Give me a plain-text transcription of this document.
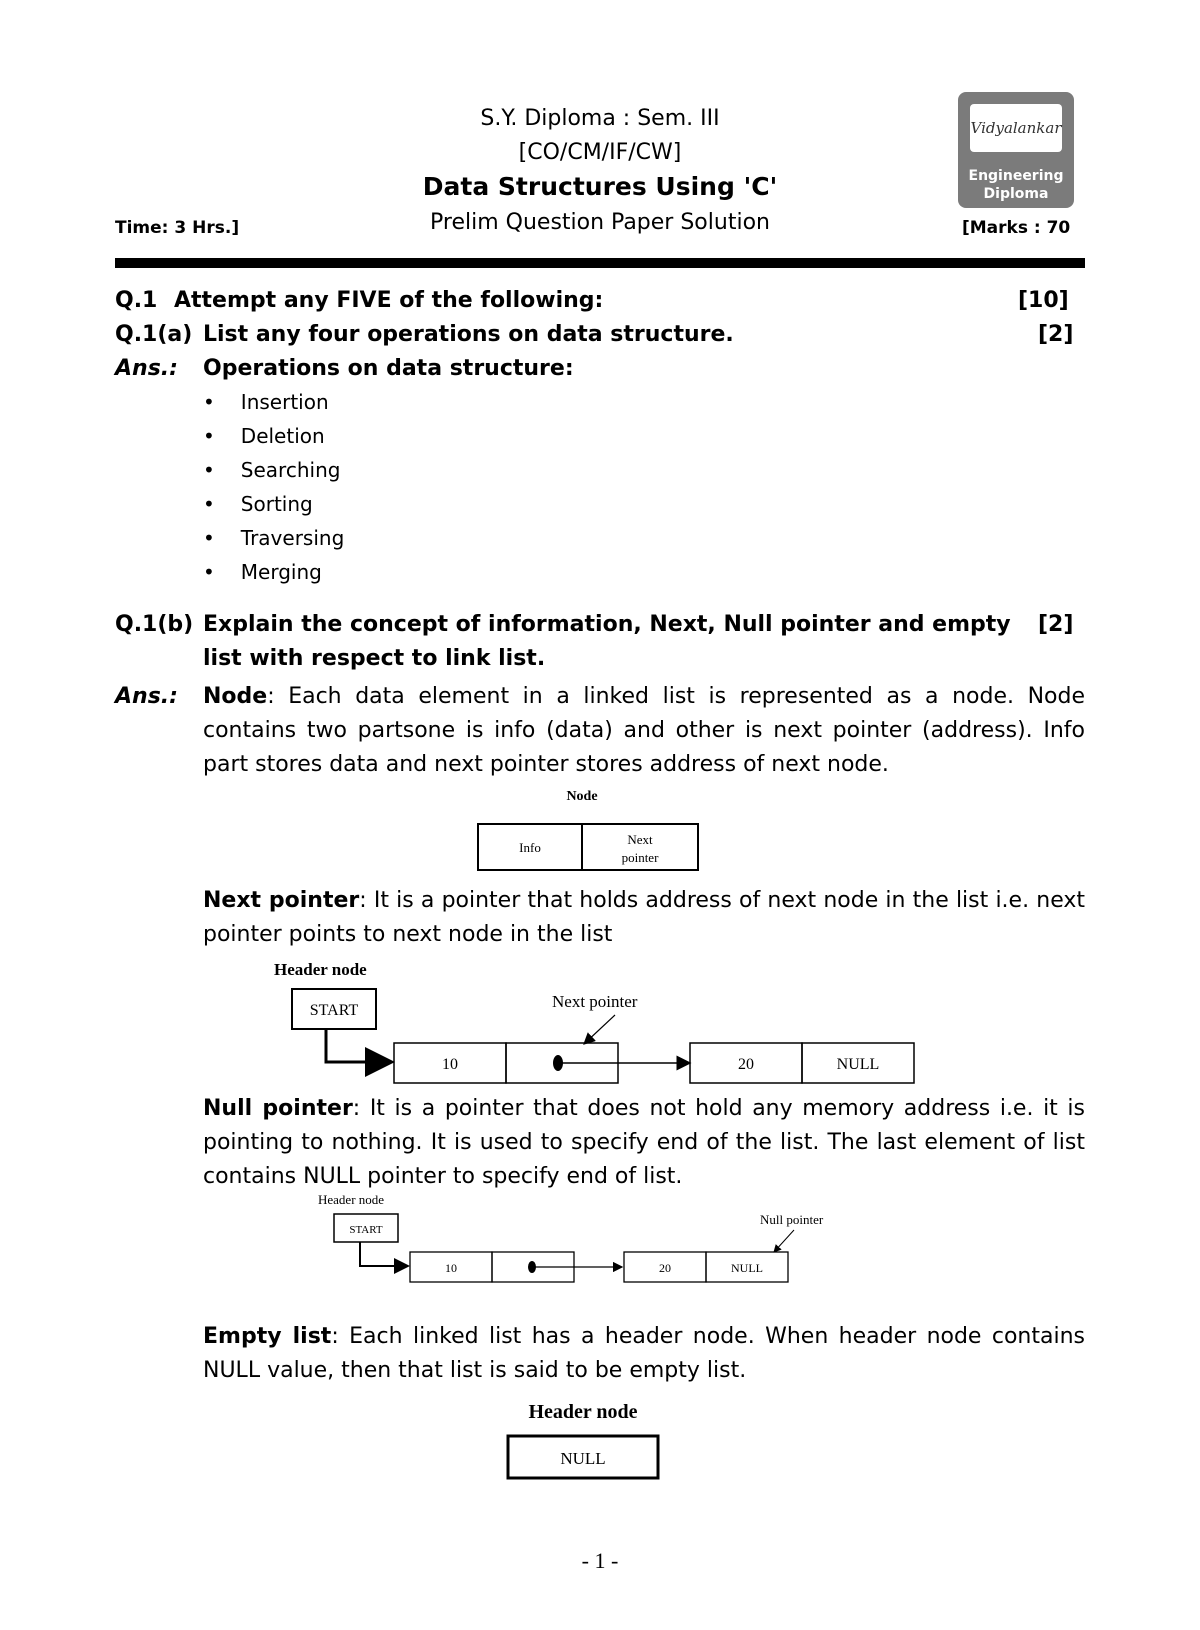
S.Y. Diploma : Sem. III
[CO/CM/IF/CW]
Data Structures Using 'C'
Prelim Question Paper Solution
Time: 3 Hrs.]	[Marks : 70
Vidyalankar
Engineering
Diploma
Q.1 Attempt any FIVE of the following:	[10]
Q.1(a) List any four operations on data structure.	[2]
Ans.: Operations on data structure:
• Insertion
• Deletion
• Searching
• Sorting
• Traversing
• Merging
Q.1(b) Explain the concept of information, Next, Null pointer and empty
list with respect to link list.
[2]
Ans.: Node: Each data element in a linked list is represented as a node. Node contains two partsone is info (data) and other is next pointer (address). Info part stores data and next pointer stores address of next node.
Node
Info
Next
pointer
Next pointer: It is a pointer that holds address of next node in the list i.e. next pointer points to next node in the list
Header node
START
10	20	NULL
Next pointer
Null pointer: It is a pointer that does not hold any memory address i.e. it is pointing to nothing. It is used to specify end of the list. The last element of list contains NULL pointer to specify end of list.
Header node
START
10	20	NULL
Null pointer
Empty list: Each linked list has a header node. When header node contains NULL value, then that list is said to be empty list.
Header node
NULL
- 1 -
